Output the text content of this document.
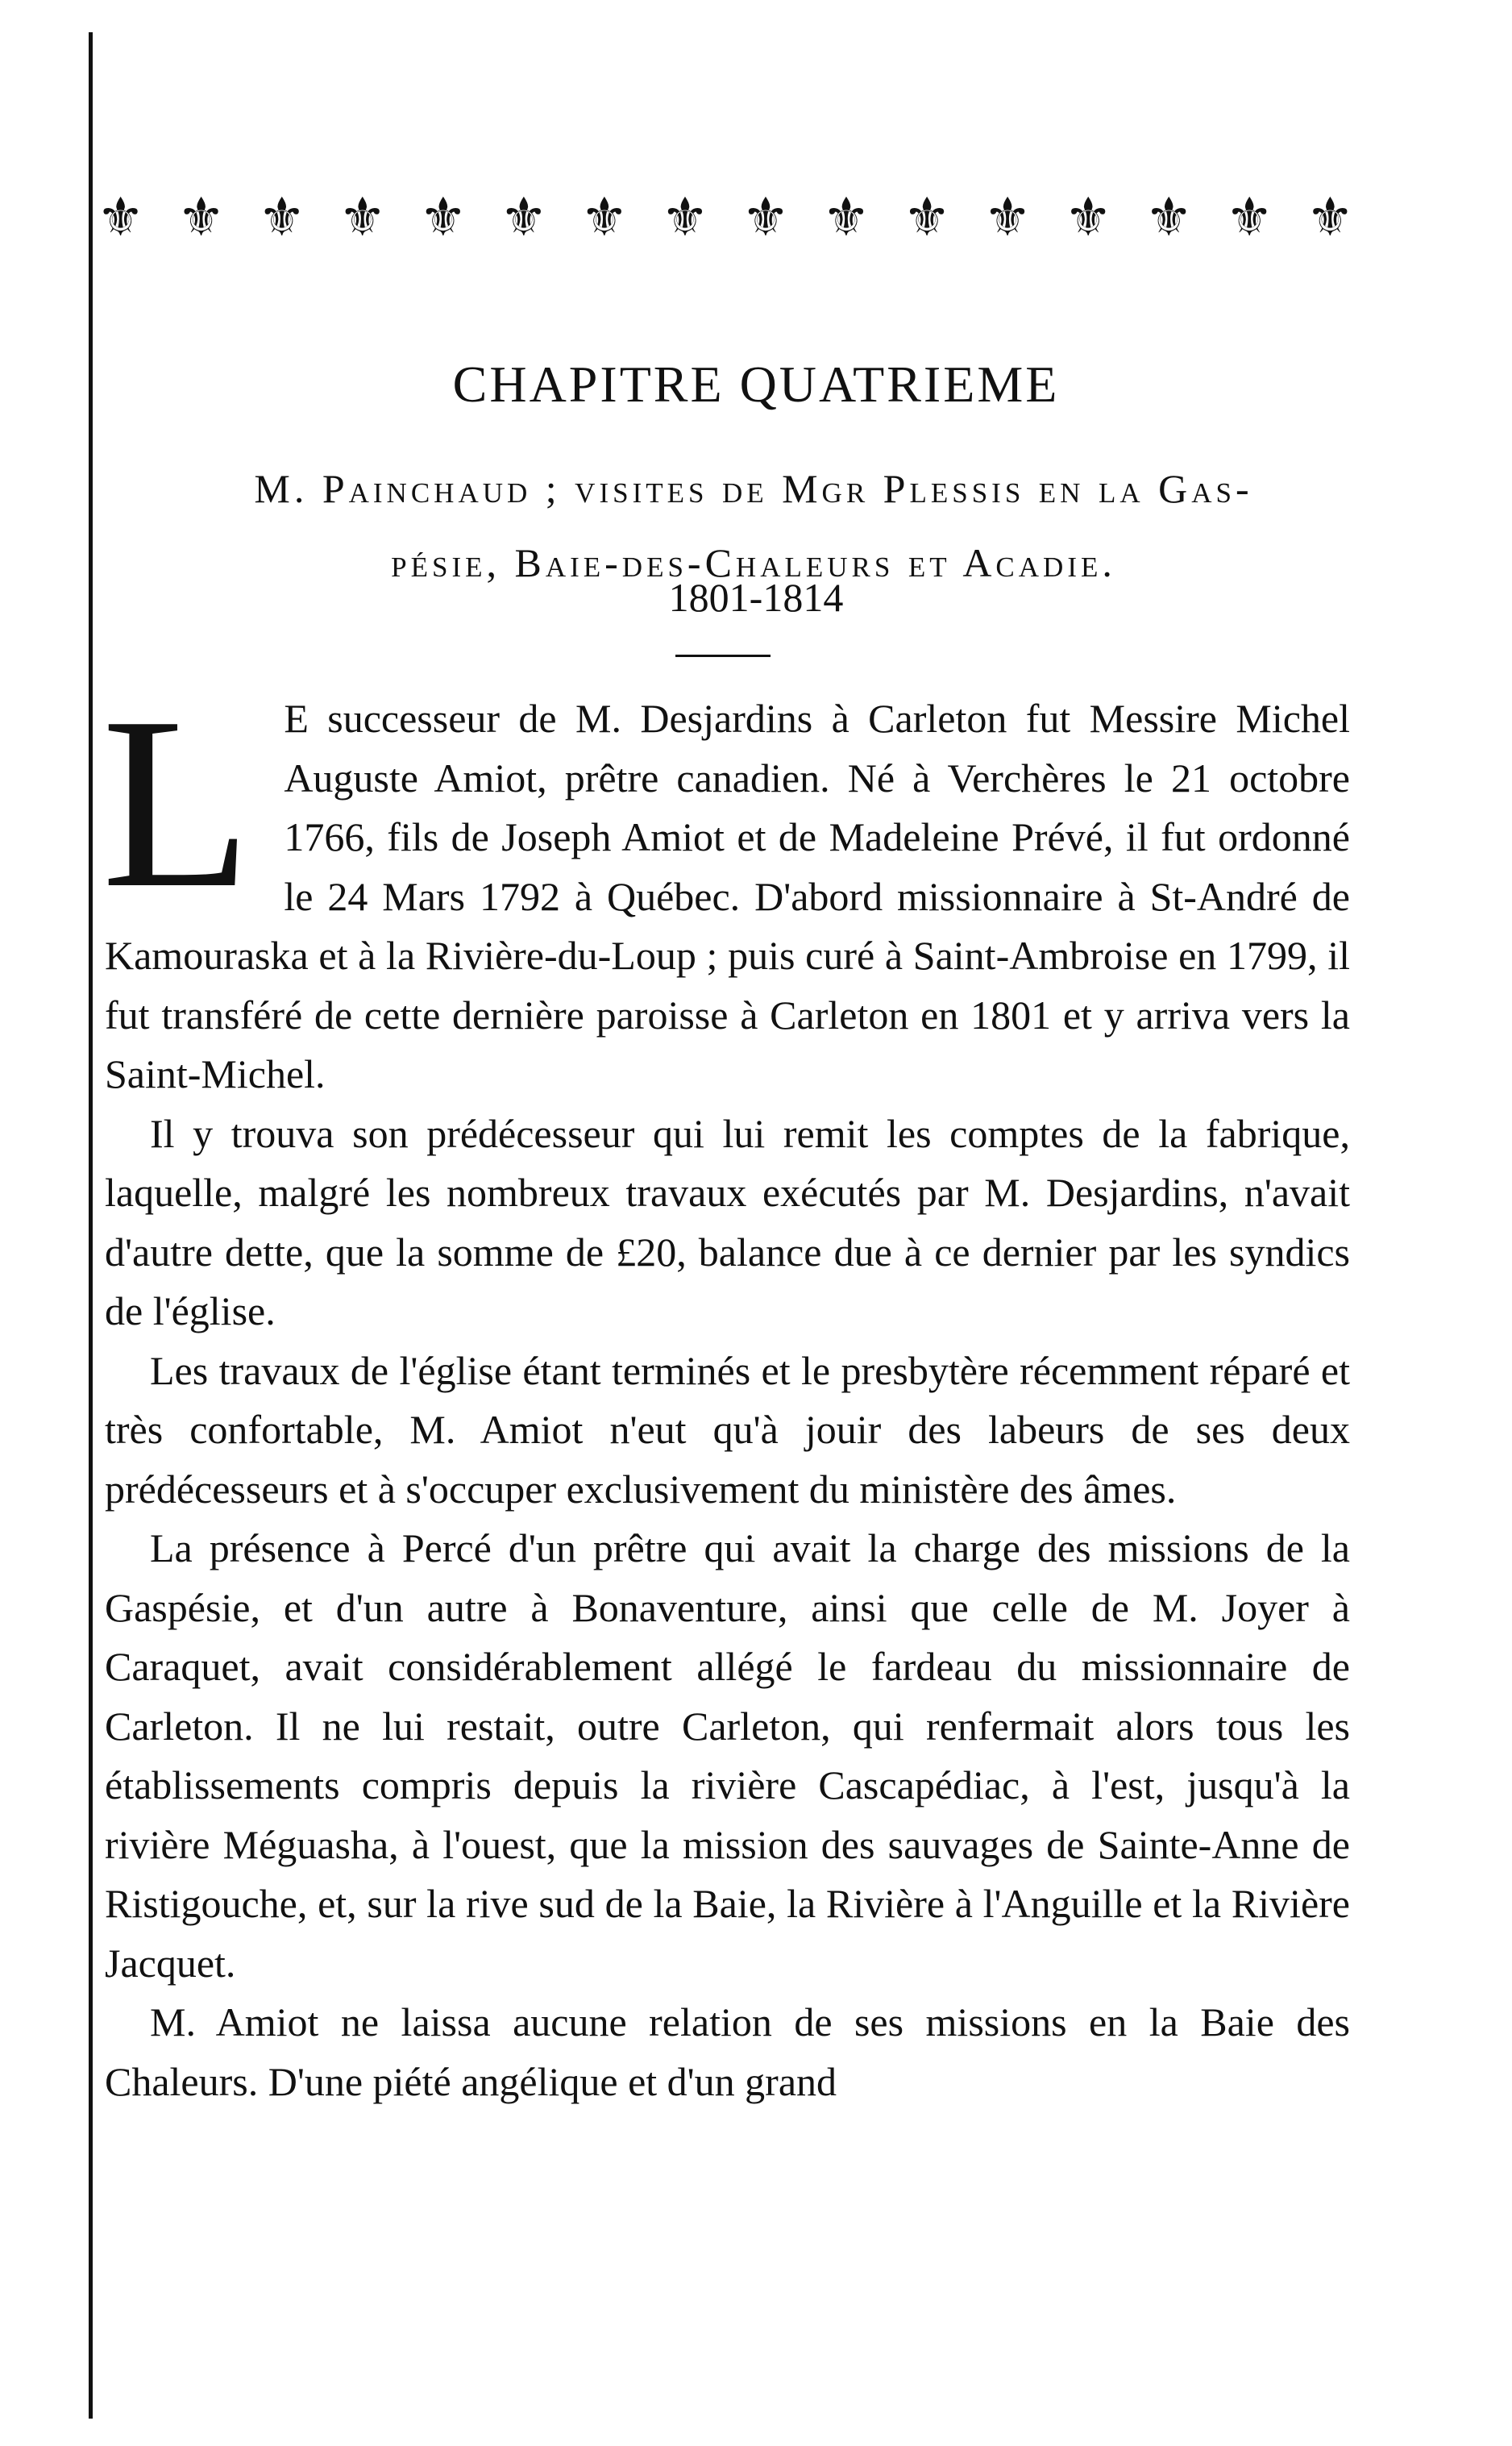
⚜ ⚜ ⚜ ⚜ ⚜ ⚜ ⚜ ⚜ ⚜ ⚜ ⚜ ⚜ ⚜ ⚜ ⚜ ⚜
CHAPITRE QUATRIEME
M. Painchaud ; visites de Mgr Plessis en la Gas-
pésie, Baie-des-Chaleurs et Acadie.
1801-1814

L E successeur de M. Desjardins à Carleton fut Messire Michel Auguste Amiot, prêtre canadien. Né à Verchères le 21 octobre 1766, fils de Joseph Amiot et de Madeleine Prévé, il fut ordonné le 24 Mars 1792 à Québec. D'abord missionnaire à St-André de Kamouraska et à la Rivière-du-Loup ; puis curé à Saint-Ambroise en 1799, il fut transféré de cette dernière paroisse à Carleton en 1801 et y arriva vers la Saint-Michel.

Il y trouva son prédécesseur qui lui remit les comptes de la fabrique, laquelle, malgré les nombreux travaux exécutés par M. Desjardins, n'avait d'autre dette, que la somme de £20, balance due à ce dernier par les syndics de l'église.

Les travaux de l'église étant terminés et le presbytère récemment réparé et très confortable, M. Amiot n'eut qu'à jouir des labeurs de ses deux prédécesseurs et à s'occuper exclusivement du ministère des âmes.

La présence à Percé d'un prêtre qui avait la charge des missions de la Gaspésie, et d'un autre à Bonaventure, ainsi que celle de M. Joyer à Caraquet, avait considérablement allégé le fardeau du missionnaire de Carleton. Il ne lui restait, outre Carleton, qui renfermait alors tous les établissements compris depuis la rivière Cascapédiac, à l'est, jusqu'à la rivière Méguasha, à l'ouest, que la mission des sauvages de Sainte-Anne de Ristigouche, et, sur la rive sud de la Baie, la Rivière à l'Anguille et la Rivière Jacquet.

M. Amiot ne laissa aucune relation de ses missions en la Baie des Chaleurs. D'une piété angélique et d'un grand
